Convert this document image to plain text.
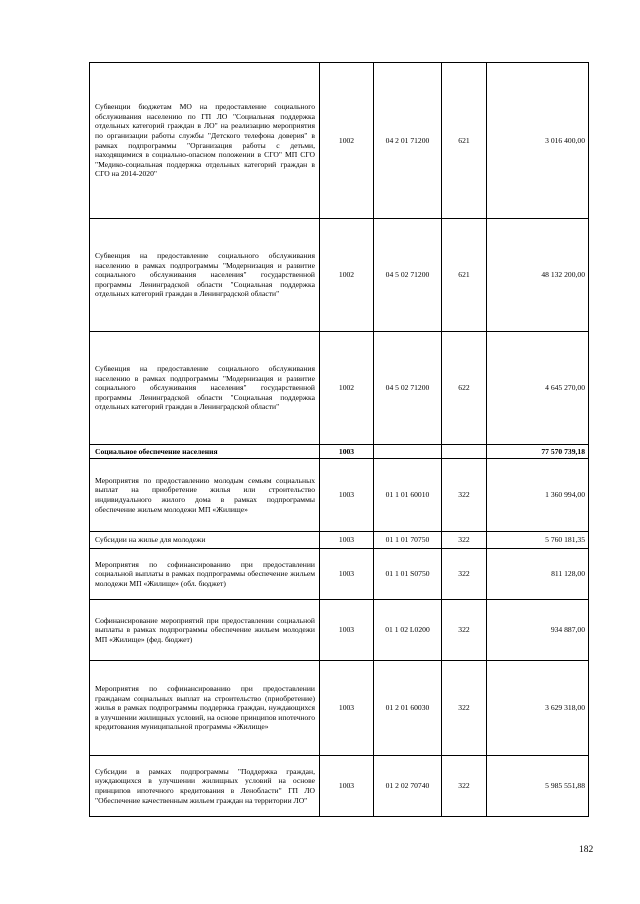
Субвенции бюджетам МО на предоставление социального обслуживания населению по ГП ЛО "Социальная поддержка отдельных категорий граждан в ЛО" на реализацию мероприятия по организации работы службы "Детского телефона доверия" в рамках подпрограммы "Организация работы с детьми, находящимися в социально-опасном положении в СГО" МП СГО "Медико-социальная поддержка отдельных категорий граждан в СГО на 2014-2020"	1002	04 2 01 71200	621	3 016 400,00
Субвенция на предоставление социального обслуживания населению в рамках подпрограммы "Модернизация и развитие социального обслуживания населения" государственной программы Ленинградской области "Социальная поддержка отдельных категорий граждан в Ленинградской области"	1002	04 5 02 71200	621	48 132 200,00
Субвенция на предоставление социального обслуживания населению в рамках подпрограммы "Модернизация и развитие социального обслуживания населения" государственной программы Ленинградской области "Социальная поддержка отдельных категорий граждан в Ленинградской области"	1002	04 5 02 71200	622	4 645 270,00
Социальное обеспечение населения	1003			77 570 739,18
Мероприятия по предоставлению молодым семьям социальных выплат на приобретение жилья или строительство индивидуального жилого дома в рамках подпрограммы обеспечение жильем молодежи МП «Жилище»	1003	01 1 01 60010	322	1 360 994,00
Субсидии на жилье для молодежи	1003	01 1 01 70750	322	5 760 181,35
Мероприятия по софинансированию при предоставлении социальной выплаты в рамках подпрограммы обеспечение жильем молодежи МП «Жилище» (обл. бюджет)	1003	01 1 01 S0750	322	811 128,00
Софинансирование мероприятий при предоставлении социальной выплаты в рамках подпрограммы обеспечение жильем молодежи МП «Жилище» (фед. бюджет)	1003	01 1 02 L0200	322	934 887,00
Мероприятия по софинансированию при предоставлении гражданам социальных выплат на строительство (приобретение) жилья в рамках подпрограммы поддержка граждан, нуждающихся в улучшении жилищных условий, на основе принципов ипотечного кредитования муниципальной программы «Жилище»	1003	01 2 01 60030	322	3 629 318,00
Субсидии в рамках подпрограммы "Поддержка граждан, нуждающихся в улучшении жилищных условий на основе принципов ипотечного кредитования в Ленобласти" ГП ЛО "Обеспечение качественным жильем граждан на территории ЛО"	1003	01 2 02 70740	322	5 985 551,88
182
